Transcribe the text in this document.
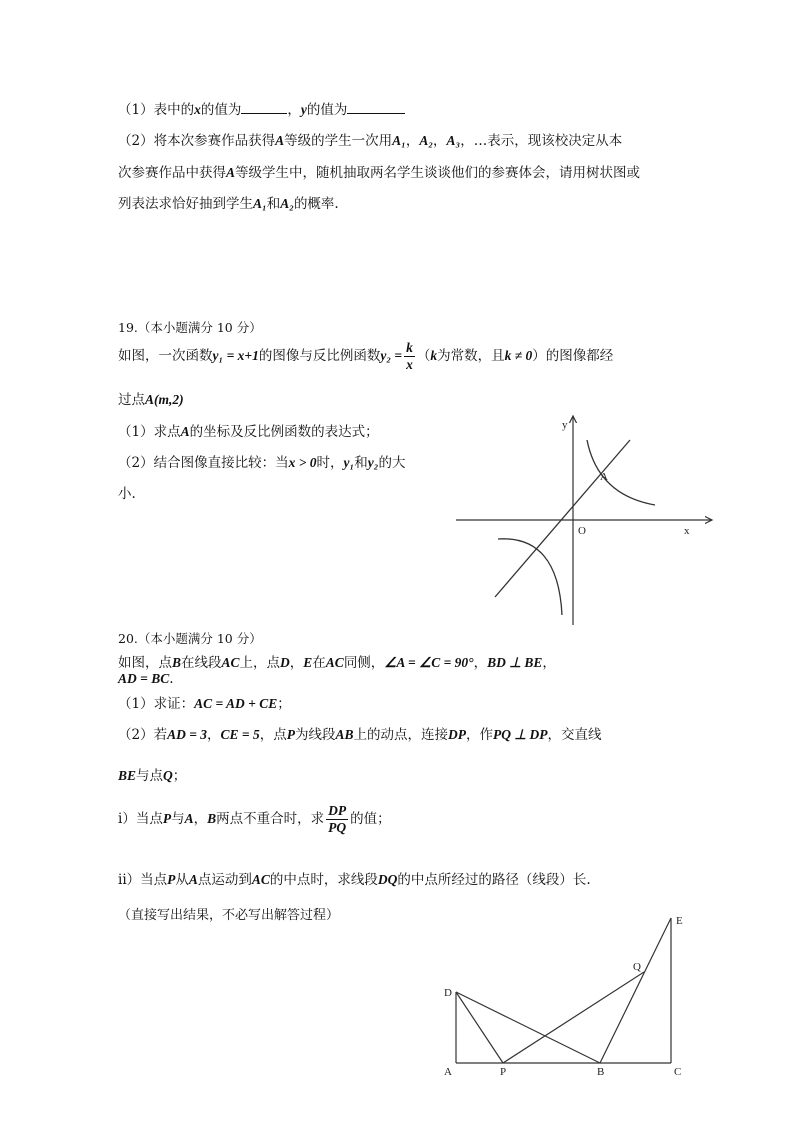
（1）表中的x的值为	，y的值为
（2）将本次参赛作品获得A等级的学生一次用A₁，A₂，A₃，…表示，现该校决定从本
次参赛作品中获得A等级学生中，随机抽取两名学生谈谈他们的参赛体会，请用树状图或
列表法求恰好抽到学生A₁和A₂的概率.
19.（本小题满分 10 分）
如图，一次函数y₁ = x+1的图像与反比例函数$y_2 = \frac{k}{x} (k$为常数，且k ≠ 0）的图像都经
过点A(m,2)
（1）求点A的坐标及反比例函数的表达式；
（2）结合图像直接比较：当x > 0时，y₁和y₂的大
小.
y
x
O
A
20.（本小题满分 10 分）
如图，点B在线段AC上，点D，E在AC同侧，∠A = ∠C = 90°，BD ⊥ BE，
AD = BC.
（1）求证：AC = AD + CE；
（2）若AD = 3，CE = 5，点P为线段AB上的动点，连接DP，作PQ ⊥ DP，交直线
BE与点Q；
i）当点P与A，B两点不重合时，求 $\frac{DP}{PQ}$ 的值；
ii）当点P从A点运动到AC的中点时，求线段DQ的中点所经过的路径（线段）长.
（直接写出结果，不必写出解答过程）
A	P	B	C
D
Q
E
